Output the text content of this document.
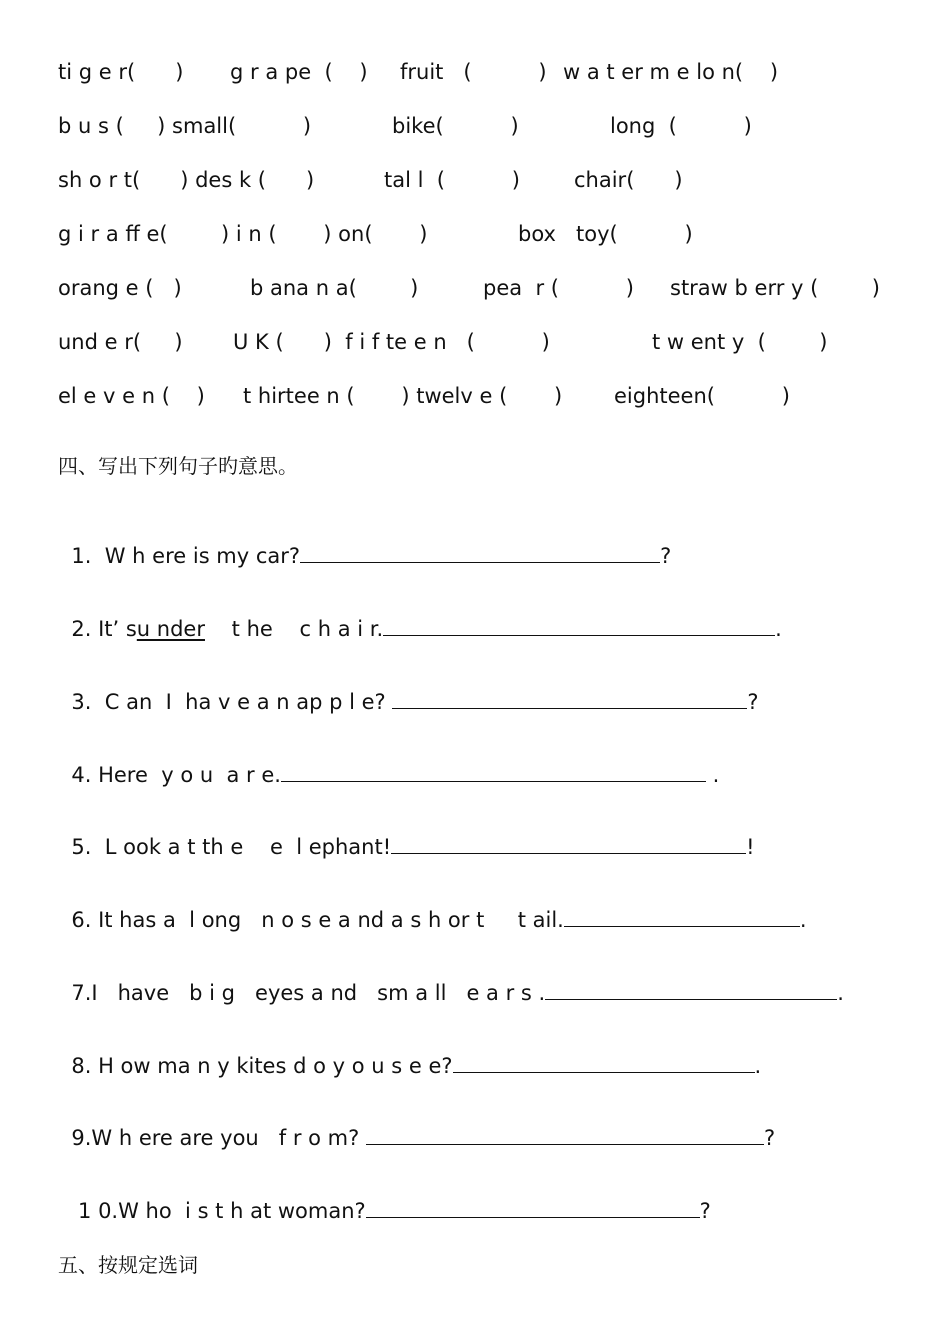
ti g e r(      ) g r a pe  (    ) fruit   (          ) w a t er m e lo n(    )
b u s (     ) small(          )	bike(          )	long  (          )
sh o r t(      ) des k (      )	tal l  (          )	chair(      )
g i r a ff e(        ) i n (       ) on(       )	box   toy(          )
orang e (   )	b ana n a(        )	pea  r (          ) straw b err y (        )
und e r(     ) U K (      )  f i f te e n   (          )	t w ent y  (        )
el e v e n (    ) t hirtee n (       ) twelv e (       ) eighteen(          )
四、写出下列句子旳意思。

1.  W h ere is my car?	?

2. It’ su nder    t he    c h a i r.	.

3.  C an  I  ha v e a n ap p l e?	?

4. Here  y o u  a r e.	.

5.  L ook a t th e    e  l ephant!	!

6. It has a  l ong   n o s e a nd a s h or t     t ail.	.

7.I   have   b i g   eyes a nd   sm a ll   e a r s .	.

8. H ow ma n y kites d o y o u s e e?	.

9.W h ere are you   f r o m?	?

1 0.W ho  i s t h at woman?	?

五、按规定选词
